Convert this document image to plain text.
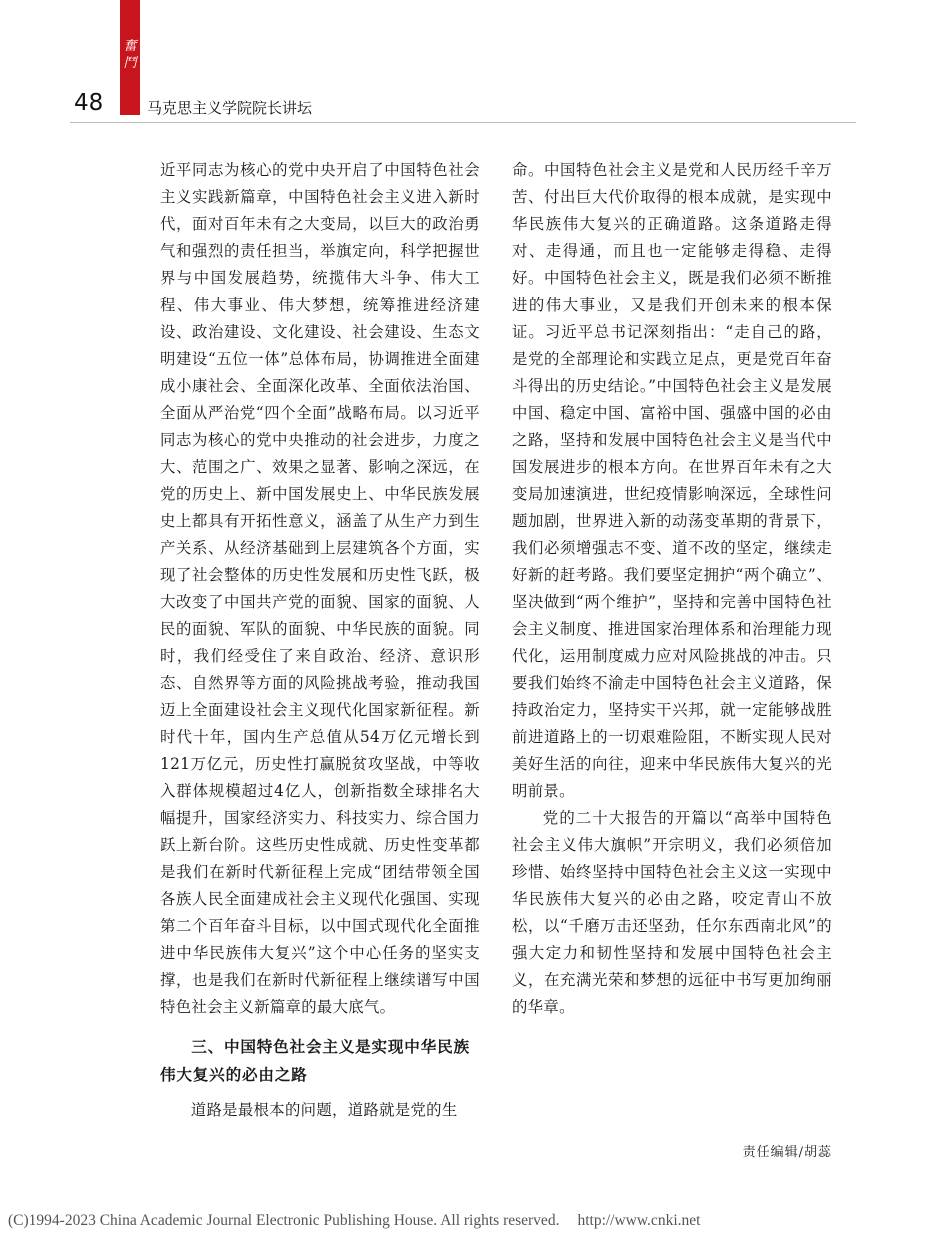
奮鬥
48	马克思主义学院院长讲坛

近平同志为核心的党中央开启了中国特色社会主义实践新篇章，中国特色社会主义进入新时代，面对百年未有之大变局，以巨大的政治勇气和强烈的责任担当，举旗定向，科学把握世界与中国发展趋势，统揽伟大斗争、伟大工程、伟大事业、伟大梦想，统筹推进经济建设、政治建设、文化建设、社会建设、生态文明建设“五位一体”总体布局，协调推进全面建成小康社会、全面深化改革、全面依法治国、全面从严治党“四个全面”战略布局。以习近平同志为核心的党中央推动的社会进步，力度之大、范围之广、效果之显著、影响之深远，在党的历史上、新中国发展史上、中华民族发展史上都具有开拓性意义，涵盖了从生产力到生产关系、从经济基础到上层建筑各个方面，实现了社会整体的历史性发展和历史性飞跃，极大改变了中国共产党的面貌、国家的面貌、人民的面貌、军队的面貌、中华民族的面貌。同时，我们经受住了来自政治、经济、意识形态、自然界等方面的风险挑战考验，推动我国迈上全面建设社会主义现代化国家新征程。新时代十年，国内生产总值从54万亿元增长到121万亿元，历史性打赢脱贫攻坚战，中等收入群体规模超过4亿人，创新指数全球排名大幅提升，国家经济实力、科技实力、综合国力跃上新台阶。这些历史性成就、历史性变革都是我们在新时代新征程上完成“团结带领全国各族人民全面建成社会主义现代化强国、实现第二个百年奋斗目标，以中国式现代化全面推进中华民族伟大复兴”这个中心任务的坚实支撑，也是我们在新时代新征程上继续谱写中国特色社会主义新篇章的最大底气。

三、中国特色社会主义是实现中华民族伟大复兴的必由之路

道路是最根本的问题，道路就是党的生

命。中国特色社会主义是党和人民历经千辛万苦、付出巨大代价取得的根本成就，是实现中华民族伟大复兴的正确道路。这条道路走得对、走得通，而且也一定能够走得稳、走得好。中国特色社会主义，既是我们必须不断推进的伟大事业，又是我们开创未来的根本保证。习近平总书记深刻指出：“走自己的路，是党的全部理论和实践立足点，更是党百年奋斗得出的历史结论。”中国特色社会主义是发展中国、稳定中国、富裕中国、强盛中国的必由之路，坚持和发展中国特色社会主义是当代中国发展进步的根本方向。在世界百年未有之大变局加速演进，世纪疫情影响深远，全球性问题加剧，世界进入新的动荡变革期的背景下，我们必须增强志不变、道不改的坚定，继续走好新的赶考路。我们要坚定拥护“两个确立”、坚决做到“两个维护”，坚持和完善中国特色社会主义制度、推进国家治理体系和治理能力现代化，运用制度威力应对风险挑战的冲击。只要我们始终不渝走中国特色社会主义道路，保持政治定力，坚持实干兴邦，就一定能够战胜前进道路上的一切艰难险阻，不断实现人民对美好生活的向往，迎来中华民族伟大复兴的光明前景。

党的二十大报告的开篇以“高举中国特色社会主义伟大旗帜”开宗明义，我们必须倍加珍惜、始终坚持中国特色社会主义这一实现中华民族伟大复兴的必由之路，咬定青山不放松，以“千磨万击还坚劲，任尔东西南北风”的强大定力和韧性坚持和发展中国特色社会主义，在充满光荣和梦想的远征中书写更加绚丽的华章。

责任编辑/胡蕊
(C)1994-2023 China Academic Journal Electronic Publishing House. All rights reserved. http://www.cnki.net
